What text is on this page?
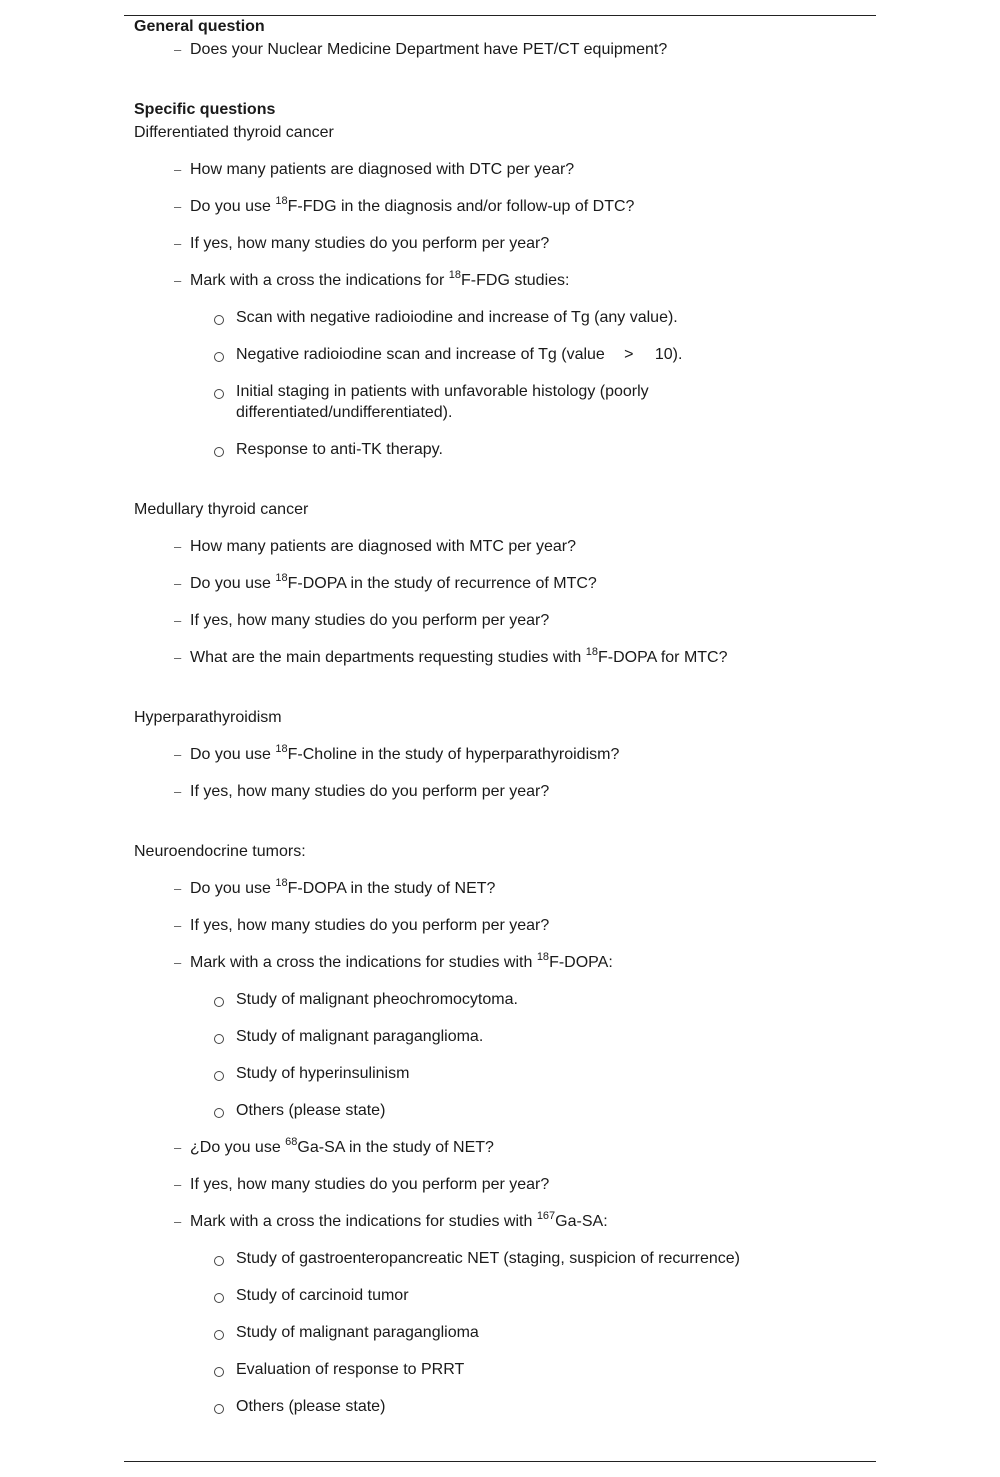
General question
– Does your Nuclear Medicine Department have PET/CT equipment?
Specific questions
Differentiated thyroid cancer
– How many patients are diagnosed with DTC per year?
– Do you use $^{18}$F-FDG in the diagnosis and/or follow-up of DTC?
– If yes, how many studies do you perform per year?
– Mark with a cross the indications for $^{18}$F-FDG studies:
Scan with negative radioiodine and increase of Tg (any value).
Negative radioiodine scan and increase of Tg (value > 10).
Initial staging in patients with unfavorable histology (poorly
differentiated/undifferentiated).
Response to anti-TK therapy.
Medullary thyroid cancer
– How many patients are diagnosed with MTC per year?
– Do you use $^{18}$F-DOPA in the study of recurrence of MTC?
– If yes, how many studies do you perform per year?
– What are the main departments requesting studies with $^{18}$F-DOPA for MTC?
Hyperparathyroidism
– Do you use $^{18}$F-Choline in the study of hyperparathyroidism?
– If yes, how many studies do you perform per year?
Neuroendocrine tumors:
– Do you use $^{18}$F-DOPA in the study of NET?
– If yes, how many studies do you perform per year?
– Mark with a cross the indications for studies with $^{18}$F-DOPA:
Study of malignant pheochromocytoma.
Study of malignant paraganglioma.
Study of hyperinsulinism
Others (please state)
– ¿Do you use $^{68}$Ga-SA in the study of NET?
– If yes, how many studies do you perform per year?
– Mark with a cross the indications for studies with $^{167}$Ga-SA:
Study of gastroenteropancreatic NET (staging, suspicion of recurrence)
Study of carcinoid tumor
Study of malignant paraganglioma
Evaluation of response to PRRT
Others (please state)
